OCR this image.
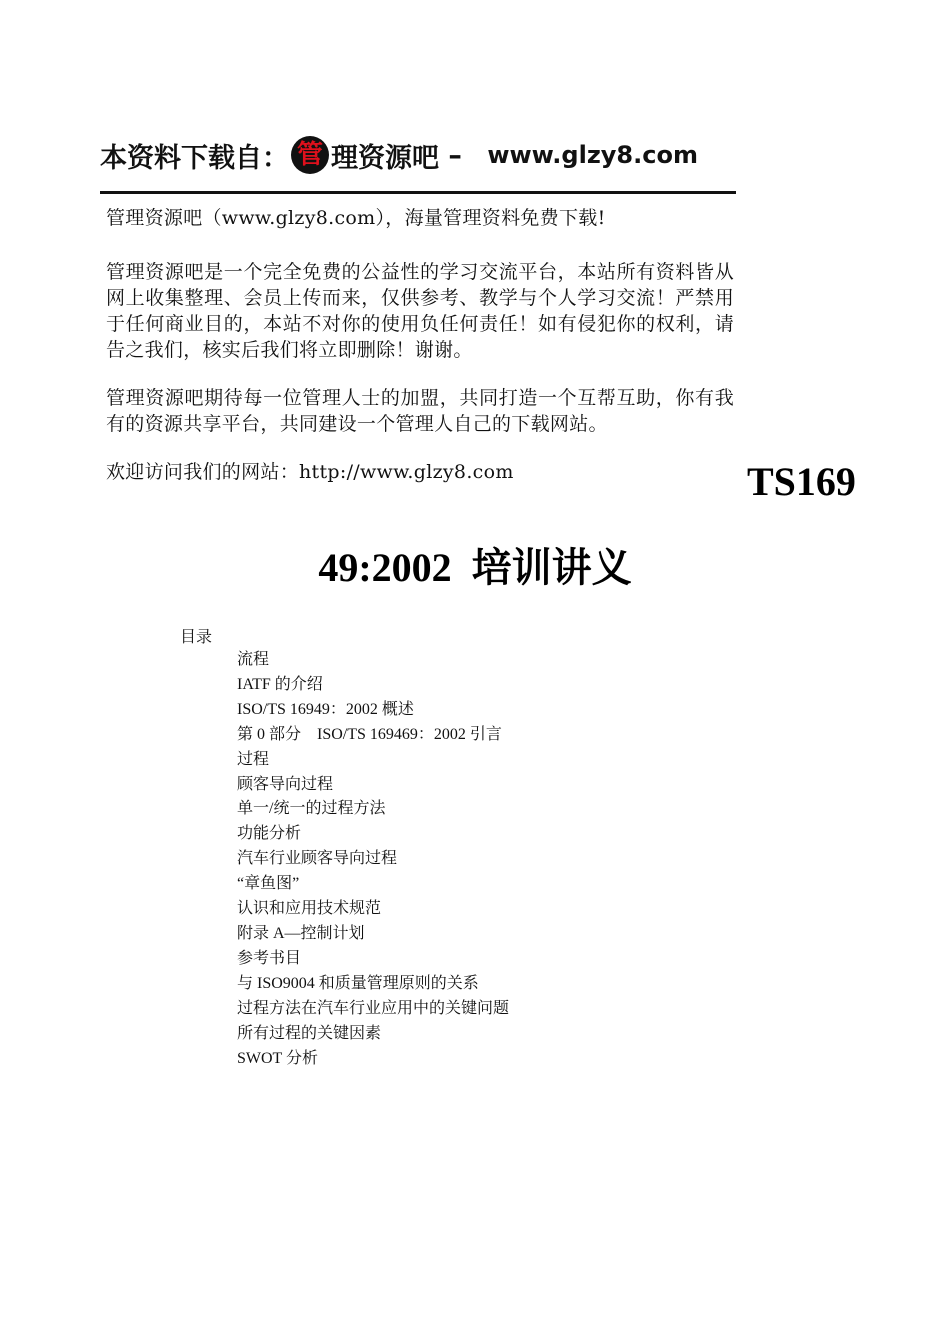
本资料下载自： 管 理资源吧 – www.glzy8.com

管理资源吧（www.glzy8.com），海量管理资料免费下载!

管理资源吧是一个完全免费的公益性的学习交流平台，本站所有资料皆从网上收集整理、会员上传而来，仅供参考、教学与个人学习交流！严禁用于任何商业目的，本站不对你的使用负任何责任！如有侵犯你的权利，请告之我们，核实后我们将立即删除！谢谢。

管理资源吧期待每一位管理人士的加盟，共同打造一个互帮互助，你有我有的资源共享平台，共同建设一个管理人自己的下载网站。

欢迎访问我们的网站：http://www.glzy8.com	TS169
49:2002  培训讲义
目录
流程
IATF 的介绍
ISO/TS 16949：2002 概述
第 0 部分    ISO/TS 169469：2002 引言
过程
顾客导向过程
单一/统一的过程方法
功能分析
汽车行业顾客导向过程
“章鱼图”
认识和应用技术规范
附录 A—控制计划
参考书目
与 ISO9004 和质量管理原则的关系
过程方法在汽车行业应用中的关键问题
所有过程的关键因素
SWOT 分析
